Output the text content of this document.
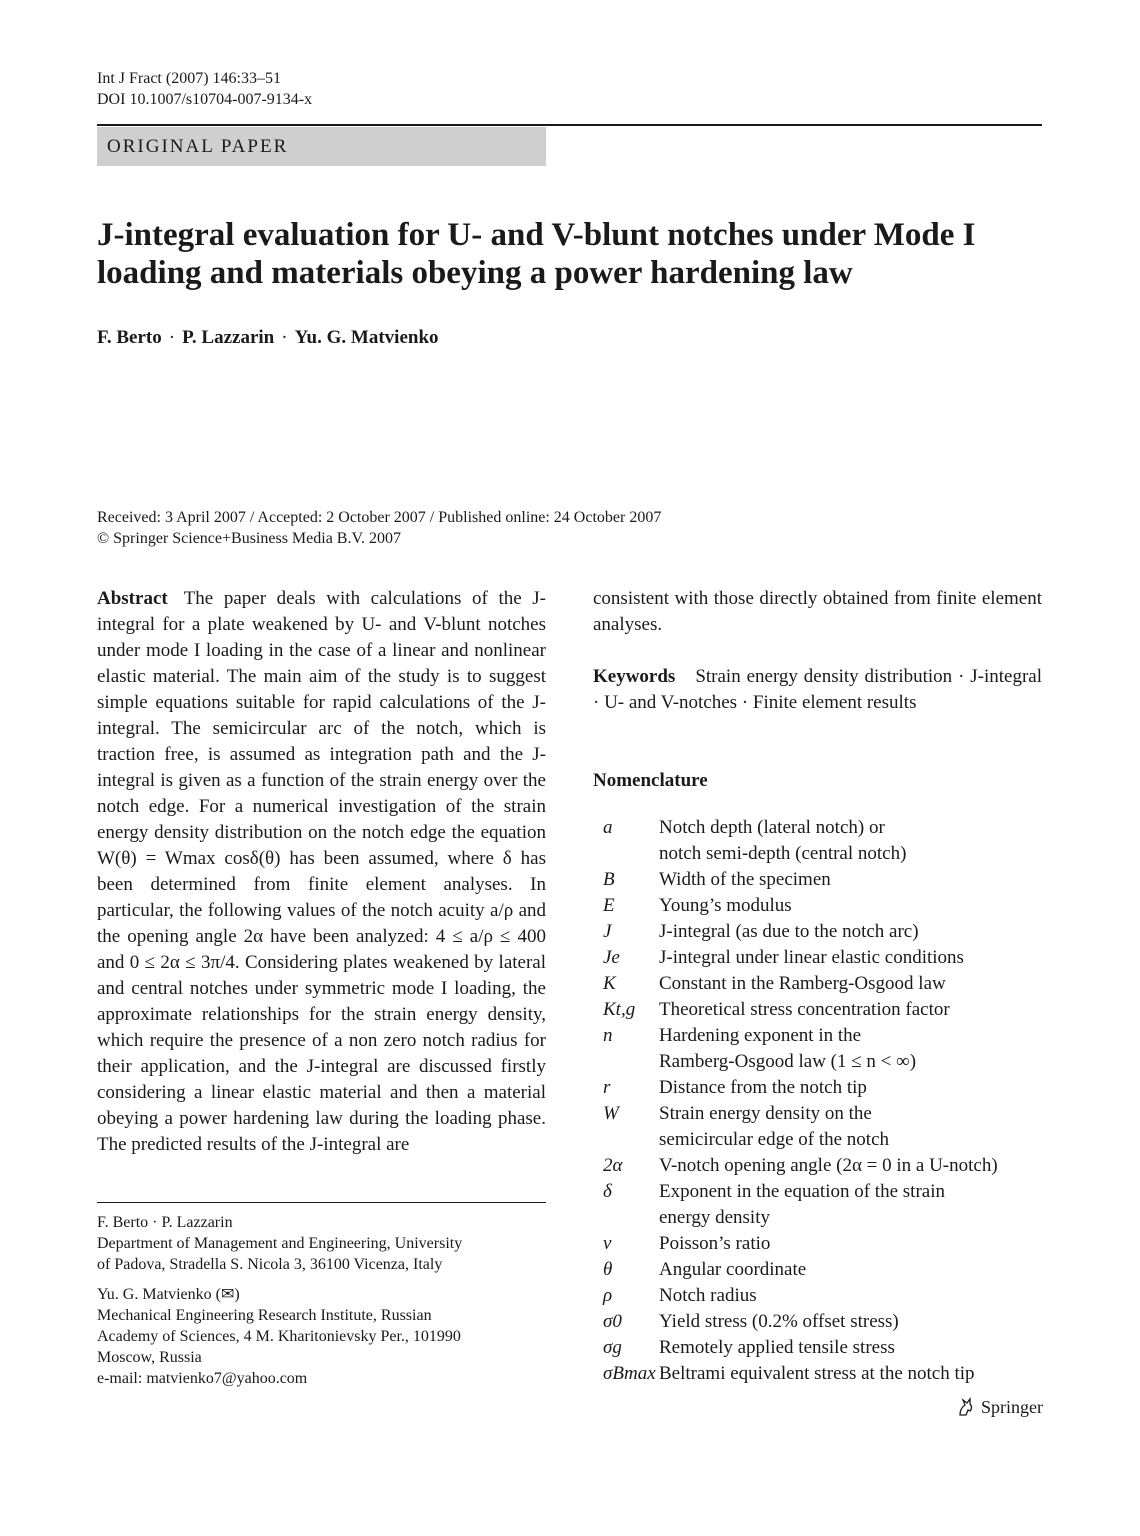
Int J Fract (2007) 146:33–51
DOI 10.1007/s10704-007-9134-x
ORIGINAL PAPER
J-integral evaluation for U- and V-blunt notches under Mode I loading and materials obeying a power hardening law
F. Berto · P. Lazzarin · Yu. G. Matvienko
Received: 3 April 2007 / Accepted: 2 October 2007 / Published online: 24 October 2007
© Springer Science+Business Media B.V. 2007
Abstract The paper deals with calculations of the J-integral for a plate weakened by U- and V-blunt notches under mode I loading in the case of a linear and nonlinear elastic material. The main aim of the study is to suggest simple equations suitable for rapid calculations of the J-integral. The semicircular arc of the notch, which is traction free, is assumed as integration path and the J-integral is given as a function of the strain energy over the notch edge. For a numerical investigation of the strain energy density distribution on the notch edge the equation W(θ) = Wmax cosδ(θ) has been assumed, where δ has been determined from finite element analyses. In particular, the following values of the notch acuity a/ρ and the opening angle 2α have been analyzed: 4 ≤ a/ρ ≤ 400 and 0 ≤ 2α ≤ 3π/4. Considering plates weakened by lateral and central notches under symmetric mode I loading, the approximate relationships for the strain energy density, which require the presence of a non zero notch radius for their application, and the J-integral are discussed firstly considering a linear elastic material and then a material obeying a power hardening law during the loading phase. The predicted results of the J-integral are
F. Berto · P. Lazzarin
Department of Management and Engineering, University
of Padova, Stradella S. Nicola 3, 36100 Vicenza, Italy
Yu. G. Matvienko (✉)
Mechanical Engineering Research Institute, Russian
Academy of Sciences, 4 M. Kharitonievsky Per., 101990
Moscow, Russia
e-mail: matvienko7@yahoo.com

consistent with those directly obtained from finite element analyses.

Keywords Strain energy density distribution · J-integral · U- and V-notches · Finite element results

Nomenclature
a	Notch depth (lateral notch) or
notch semi-depth (central notch)
B	Width of the specimen
E	Young’s modulus
J	J-integral (as due to the notch arc)
Je	J-integral under linear elastic conditions
K	Constant in the Ramberg-Osgood law
Kt,g	Theoretical stress concentration factor
n	Hardening exponent in the
Ramberg-Osgood law (1 ≤ n < ∞)
r	Distance from the notch tip
W	Strain energy density on the
semicircular edge of the notch
2α	V-notch opening angle (2α = 0 in a U-notch)
δ	Exponent in the equation of the strain
energy density
ν	Poisson’s ratio
θ	Angular coordinate
ρ	Notch radius
σ0	Yield stress (0.2% offset stress)
σg	Remotely applied tensile stress
σBmax Beltrami equivalent stress at the notch tip
Springer
